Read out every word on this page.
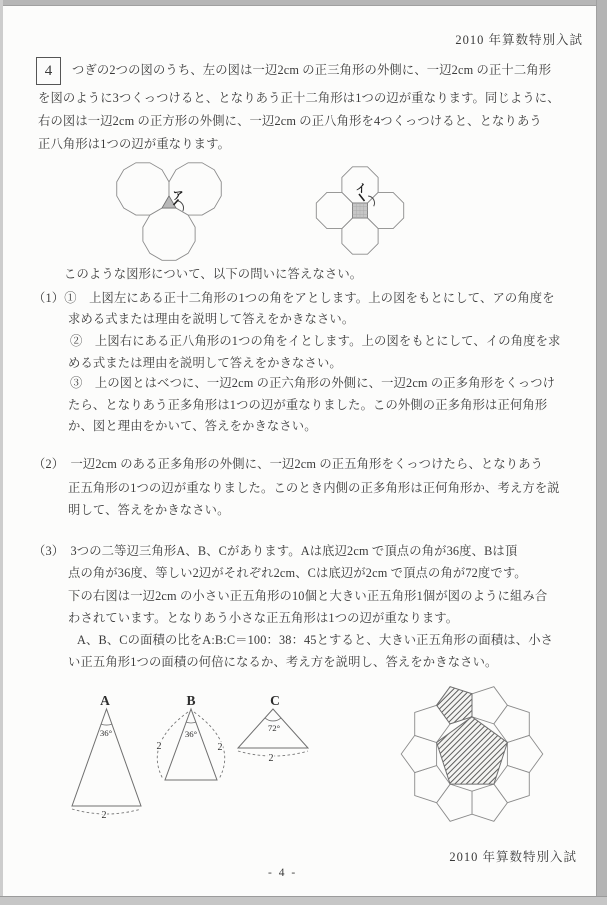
2010 年算数特別入試
4	つぎの2つの図のうち、左の図は一辺2cm の正三角形の外側に、一辺2cm の正十二角形
を図のように3つくっつけると、となりあう正十二角形は1つの辺が重なります。同じように、
右の図は一辺2cm の正方形の外側に、一辺2cm の正八角形を4つくっつけると、となりあう
正八角形は1つの辺が重なります。
ア
イ
このような図形について、以下の問いに答えなさい。
（1）①　上図左にある正十二角形の1つの角をアとします。上の図をもとにして、アの角度を
求める式または理由を説明して答えをかきなさい。
②　上図右にある正八角形の1つの角をイとします。上の図をもとにして、イの角度を求
める式または理由を説明して答えをかきなさい。
③　上の図とはべつに、一辺2cm の正六角形の外側に、一辺2cm の正多角形をくっつけ
たら、となりあう正多角形は1つの辺が重なりました。この外側の正多角形は正何角形
か、図と理由をかいて、答えをかきなさい。
（2）　一辺2cm のある正多角形の外側に、一辺2cm の正五角形をくっつけたら、となりあう
正五角形の1つの辺が重なりました。このとき内側の正多角形は正何角形か、考え方を説
明して、答えをかきなさい。
（3）　3つの二等辺三角形A、B、Cがあります。Aは底辺2cm で頂点の角が36度、Bは頂
点の角が36度、等しい2辺がそれぞれ2cm、Cは底辺が2cm で頂点の角が72度です。
下の右図は一辺2cm の小さい正五角形の10個と大きい正五角形1個が図のように組み合
わされています。となりあう小さな正五角形は1つの辺が重なります。
A、B、Cの面積の比をA:B:C＝100：38：45とすると、大きい正五角形の面積は、小さ
い正五角形1つの面積の何倍になるか、考え方を説明し、答えをかきなさい。
A	B	C
36°	36°
72°
2
2	2
2
2010 年算数特別入試
- 4 -
